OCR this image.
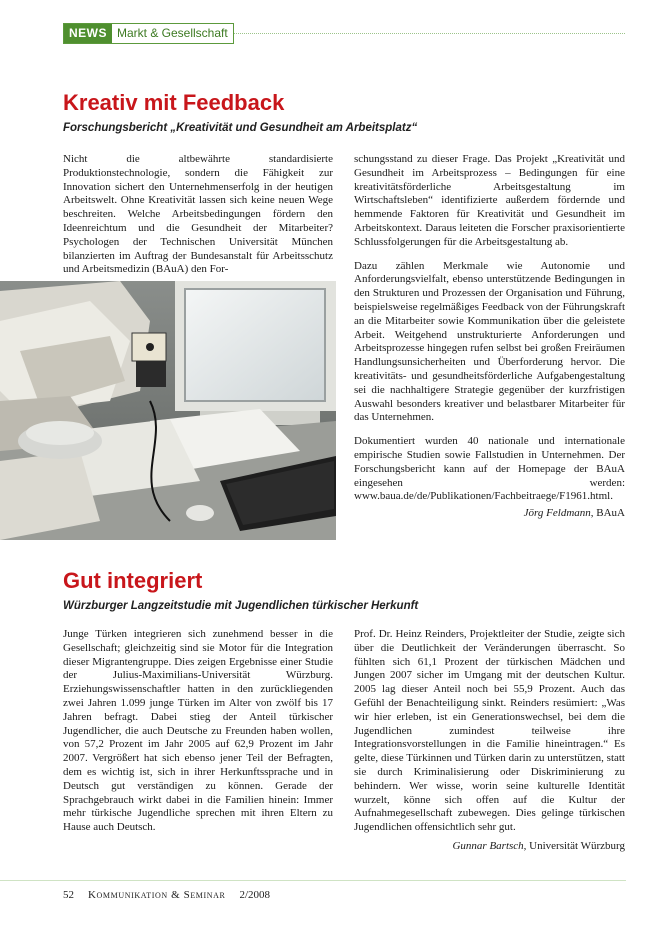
NEWS Markt & Gesellschaft
Kreativ mit Feedback

Forschungsbericht „Kreativität und Gesundheit am Arbeitsplatz“

Nicht die altbewährte standardisierte Produktionstechnologie, sondern die Fähigkeit zur Innovation sichert den Unternehmenserfolg in der heutigen Arbeitswelt. Ohne Kreativität lassen sich keine neuen Wege beschreiten. Welche Arbeitsbedingungen fördern den Ideenreichtum und die Gesundheit der Mitarbeiter? Psychologen der Technischen Universität München bilanzierten im Auftrag der Bundesanstalt für Arbeitsschutz und Arbeitsmedizin (BAuA) den For-

schungsstand zu dieser Frage. Das Projekt „Kreativität und Gesundheit im Arbeitsprozess – Bedingungen für eine kreativitätsförderliche Arbeitsgestaltung im Wirtschaftsleben“ identifizierte außerdem fördernde und hemmende Faktoren für Kreativität und Gesundheit im Arbeitskontext. Daraus leiteten die Forscher praxisorientierte Schlussfolgerungen für die Arbeitsgestaltung ab.

Dazu zählen Merkmale wie Autonomie und Anforderungsvielfalt, ebenso unterstützende Bedingungen in den Strukturen und Prozessen der Organisation und Führung, beispielsweise regelmäßiges Feedback von der Führungskraft an die Mitarbeiter sowie Kommunikation über die geleistete Arbeit. Weitgehend unstrukturierte Anforderungen und Arbeitsprozesse hingegen rufen selbst bei großen Freiräumen Handlungsunsicherheiten und Überforderung hervor. Die kreativitäts- und gesundheitsförderliche Aufgabengestaltung sei die nachhaltigere Strategie gegenüber der kurzfristigen Auswahl besonders kreativer und belastbarer Mitarbeiter für das Unternehmen.

Dokumentiert wurden 40 nationale und internationale empirische Studien sowie Fallstudien in Unternehmen. Der Forschungsbericht kann auf der Homepage der BAuA eingesehen werden: www.baua.de/de/Publikationen/Fachbeitraege/F1961.html.

Jörg Feldmann, BAuA
Gut integriert

Würzburger Langzeitstudie mit Jugendlichen türkischer Herkunft

Junge Türken integrieren sich zunehmend besser in die Gesellschaft; gleichzeitig sind sie Motor für die Integration dieser Migrantengruppe. Dies zeigen Ergebnisse einer Studie der Julius-Maximilians-Universität Würzburg. Erziehungswissenschaftler hatten in den zurückliegenden zwei Jahren 1.099 junge Türken im Alter von zwölf bis 17 Jahren befragt. Dabei stieg der Anteil türkischer Jugendlicher, die auch Deutsche zu Freunden haben wollen, von 57,2 Prozent im Jahr 2005 auf 62,9 Prozent im Jahr 2007. Vergrößert hat sich ebenso jener Teil der Befragten, dem es wichtig ist, sich in ihrer Herkunftssprache und in Deutsch gut verständigen zu können. Gerade der Sprachgebrauch wirkt dabei in die Familien hinein: Immer mehr türkische Jugendliche sprechen mit ihren Eltern zu Hause auch Deutsch.

Prof. Dr. Heinz Reinders, Projektleiter der Studie, zeigte sich über die Deutlichkeit der Veränderungen überrascht. So fühlten sich 61,1 Prozent der türkischen Mädchen und Jungen 2007 sicher im Umgang mit der deutschen Kultur. 2005 lag dieser Anteil noch bei 55,9 Prozent. Auch das Gefühl der Benachteiligung sinkt. Reinders resümiert: „Was wir hier erleben, ist ein Generationswechsel, bei dem die Jugendlichen zumindest teilweise ihre Integrationsvorstellungen in die Familie hineintragen.“ Es gelte, diese Türkinnen und Türken darin zu unterstützen, statt sie durch Kriminalisierung oder Diskriminierung zu behindern. Wer wisse, worin seine kulturelle Identität wurzelt, könne sich offen auf die Kultur der Aufnahmegesellschaft zubewegen. Dies gelinge türkischen Jugendlichen offensichtlich sehr gut.

Gunnar Bartsch, Universität Würzburg
52 Kommunikation & Seminar 2/2008
